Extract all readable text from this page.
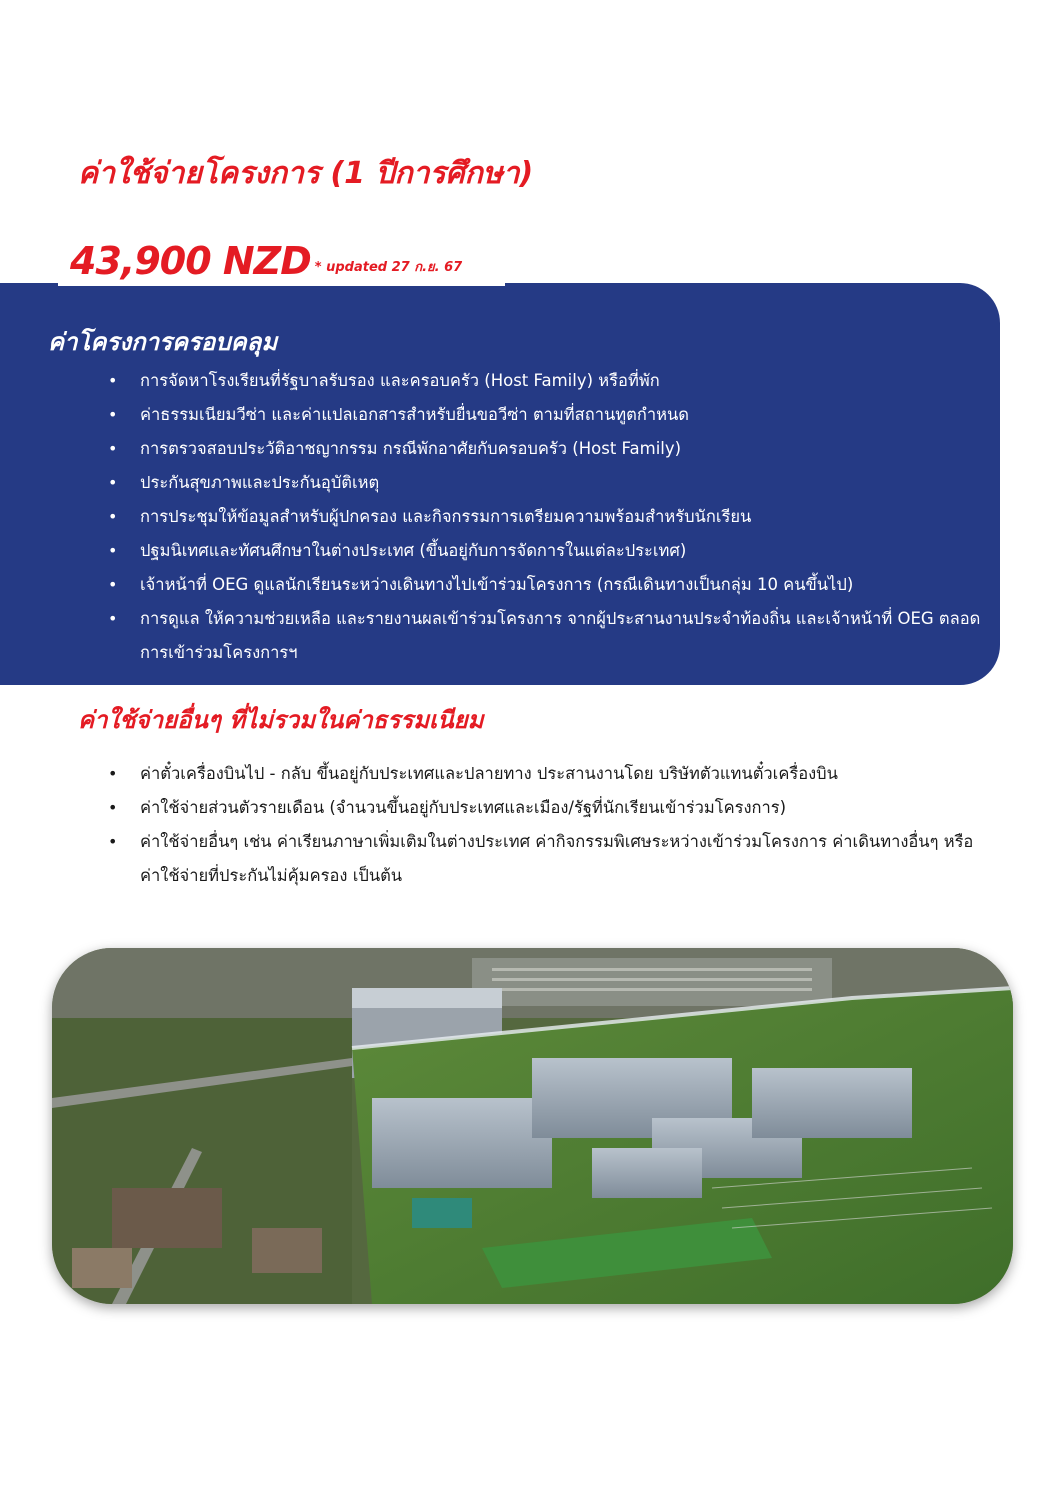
ค่าใช้จ่ายโครงการ (1 ปีการศึกษา)
43,900 NZD * updated 27 ก.ย. 67
ค่าโครงการครอบคลุม
• การจัดหาโรงเรียนที่รัฐบาลรับรอง และครอบครัว (Host Family) หรือที่พัก
• ค่าธรรมเนียมวีซ่า และค่าแปลเอกสารสำหรับยื่นขอวีซ่า ตามที่สถานทูตกำหนด
• การตรวจสอบประวัติอาชญากรรม กรณีพักอาศัยกับครอบครัว (Host Family)
• ประกันสุขภาพและประกันอุบัติเหตุ
• การประชุมให้ข้อมูลสำหรับผู้ปกครอง และกิจกรรมการเตรียมความพร้อมสำหรับนักเรียน
• ปฐมนิเทศและทัศนศึกษาในต่างประเทศ (ขึ้นอยู่กับการจัดการในแต่ละประเทศ)
• เจ้าหน้าที่ OEG ดูแลนักเรียนระหว่างเดินทางไปเข้าร่วมโครงการ (กรณีเดินทางเป็นกลุ่ม 10 คนขึ้นไป)
• การดูแล ให้ความช่วยเหลือ และรายงานผลเข้าร่วมโครงการ จากผู้ประสานงานประจำท้องถิ่น และเจ้าหน้าที่ OEG ตลอดการเข้าร่วมโครงการฯ
ค่าใช้จ่ายอื่นๆ ที่ไม่รวมในค่าธรรมเนียม
• ค่าตั๋วเครื่องบินไป - กลับ ขึ้นอยู่กับประเทศและปลายทาง ประสานงานโดย บริษัทตัวแทนตั๋วเครื่องบิน
• ค่าใช้จ่ายส่วนตัวรายเดือน (จำนวนขึ้นอยู่กับประเทศและเมือง/รัฐที่นักเรียนเข้าร่วมโครงการ)
• ค่าใช้จ่ายอื่นๆ เช่น ค่าเรียนภาษาเพิ่มเติมในต่างประเทศ ค่ากิจกรรมพิเศษระหว่างเข้าร่วมโครงการ ค่าเดินทางอื่นๆ หรือ ค่าใช้จ่ายที่ประกันไม่คุ้มครอง เป็นต้น
